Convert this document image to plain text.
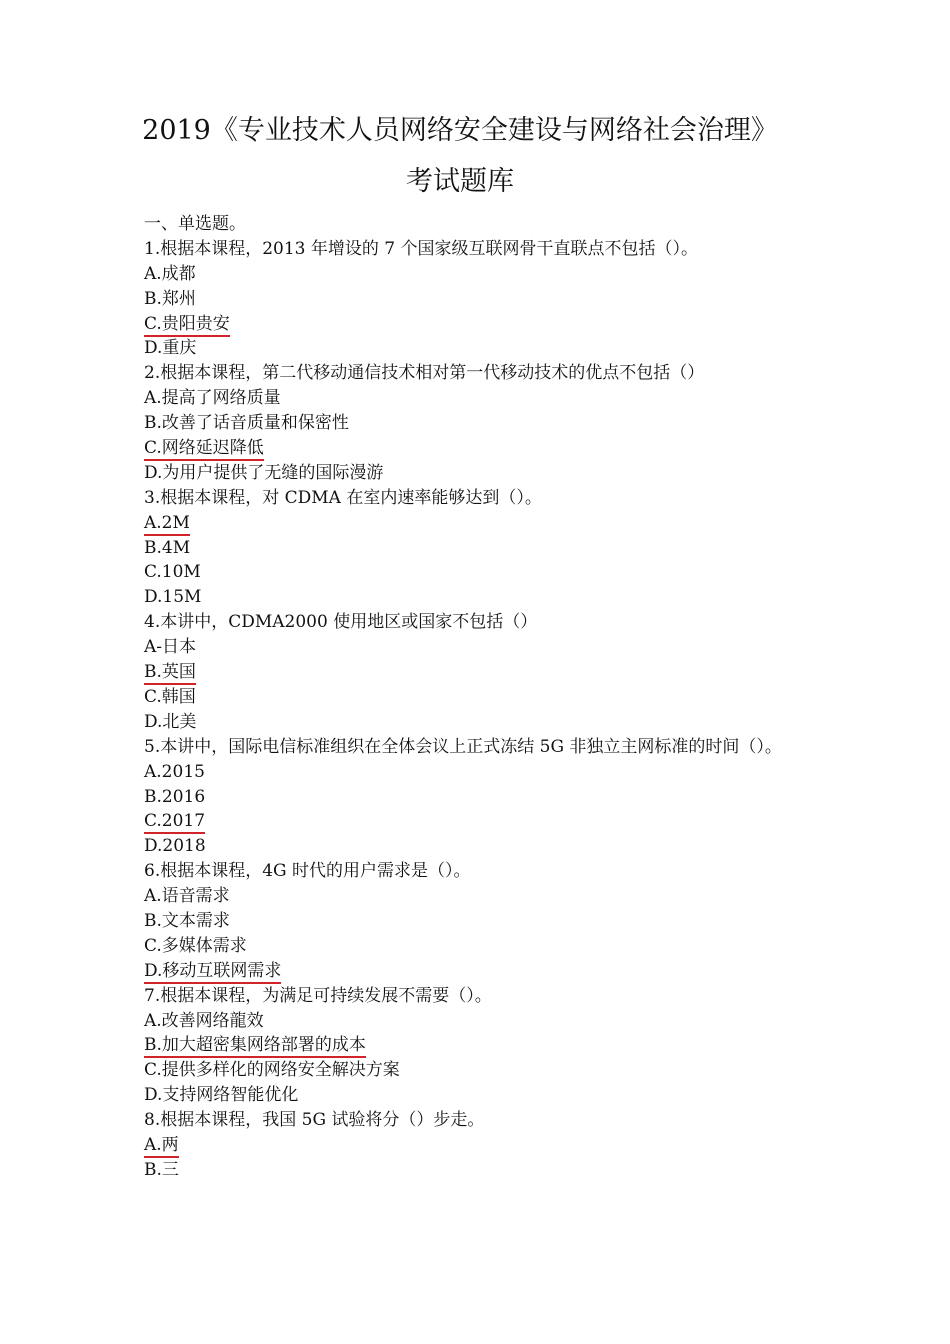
2019《专业技术人员网络安全建设与网络社会治理》
考试题库
一、单选题。
1.根据本课程，2013 年增设的 7 个国家级互联网骨干直联点不包括（）。
A.成都
B.郑州
C.贵阳贵安
D.重庆
2.根据本课程，第二代移动通信技术相对第一代移动技术的优点不包括（）
A.提高了网络质量
B.改善了话音质量和保密性
C.网络延迟降低
D.为用户提供了无缝的国际漫游
3.根据本课程，对 CDMA 在室内速率能够达到（）。
A.2M
B.4M
C.10M
D.15M
4.本讲中，CDMA2000 使用地区或国家不包括（）
A-日本
B.英国
C.韩国
D.北美
5.本讲中，国际电信标准组织在全体会议上正式冻结 5G 非独立主网标准的时间（）。
A.2015
B.2016
C.2017
D.2018
6.根据本课程，4G 时代的用户需求是（）。
A.语音需求
B.文本需求
C.多媒体需求
D.移动互联网需求
7.根据本课程，为满足可持续发展不需要（）。
A.改善网络龍效
B.加大超密集网络部署的成本
C.提供多样化的网络安全解决方案
D.支持网络智能优化
8.根据本课程，我国 5G 试验将分（）步走。
A.两
B.三
